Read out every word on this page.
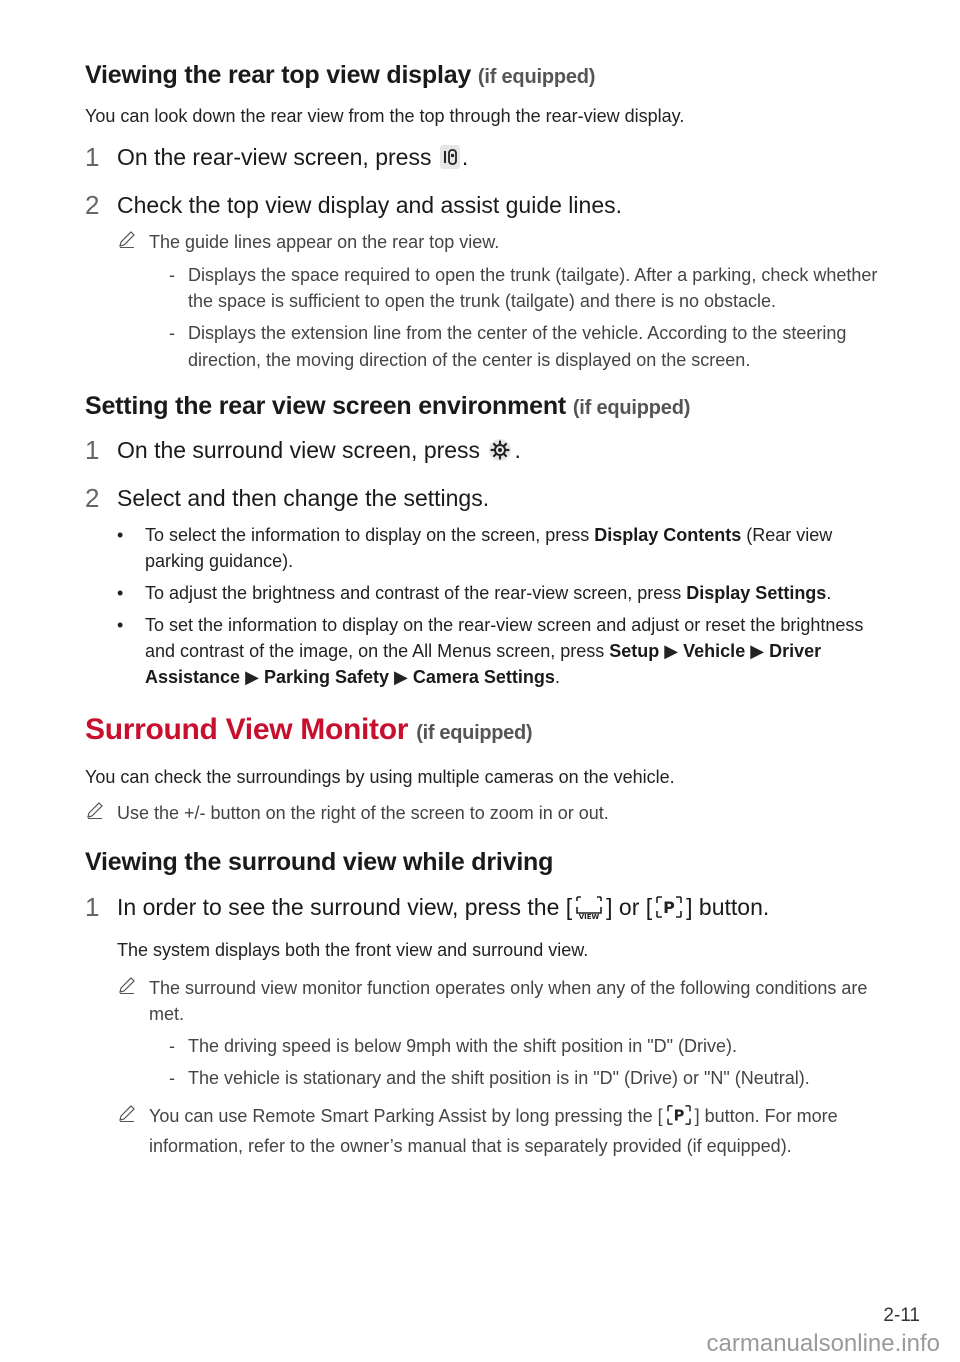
Viewing the rear top view display (if equipped)

You can look down the rear view from the top through the rear-view display.

1 On the rear-view screen, press .
2 Check the top view display and assist guide lines.
The guide lines appear on the rear top view.
- Displays the space required to open the trunk (tailgate). After a parking, check whether the space is sufficient to open the trunk (tailgate) and there is no obstacle.
- Displays the extension line from the center of the vehicle. According to the steering direction, the moving direction of the center is displayed on the screen.
Setting the rear view screen environment (if equipped)
1 On the surround view screen, press .
2 Select and then change the settings.
•	To select the information to display on the screen, press Display Contents (Rear view parking guidance).
•	To adjust the brightness and contrast of the rear-view screen, press Display Settings.
•	To set the information to display on the rear-view screen and adjust or reset the brightness and contrast of the image, on the All Menus screen, press Setup ▶ Vehicle ▶ Driver Assistance ▶ Parking Safety ▶ Camera Settings.
Surround View Monitor (if equipped)

You can check the surroundings by using multiple cameras on the vehicle.

Use the +/- button on the right of the screen to zoom in or out.
Viewing the surround view while driving
1 In order to see the surround view, press the [ VIEW ] or [ P ] button.

The system displays both the front view and surround view.

The surround view monitor function operates only when any of the following conditions are met.
- The driving speed is below 9mph with the shift position in "D" (Drive).
- The vehicle is stationary and the shift position is in "D" (Drive) or "N" (Neutral).
You can use Remote Smart Parking Assist by long pressing the [ P ] button. For more information, refer to the owner’s manual that is separately provided (if equipped).
2-11
carmanualsonline.info
